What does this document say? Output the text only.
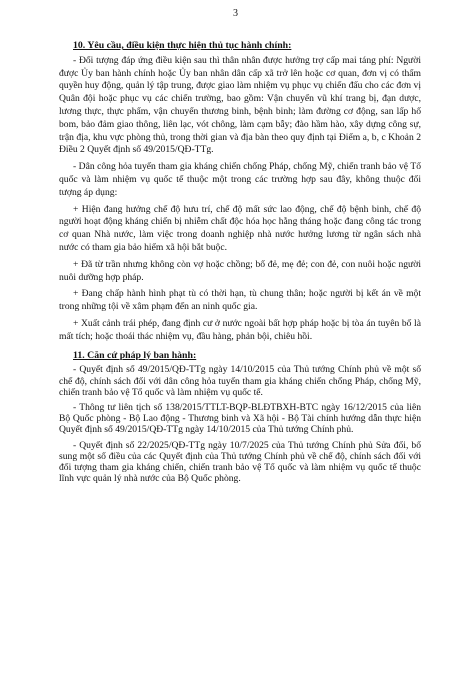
3
10. Yêu cầu, điều kiện thực hiện thủ tục hành chính:

- Đối tượng đáp ứng điều kiện sau thì thân nhân được hưởng trợ cấp mai táng phí: Người được Ủy ban hành chính hoặc Ủy ban nhân dân cấp xã trở lên hoặc cơ quan, đơn vị có thẩm quyền huy động, quản lý tập trung, được giao làm nhiệm vụ phục vụ chiến đấu cho các đơn vị Quân đội hoặc phục vụ các chiến trường, bao gồm: Vận chuyển vũ khí trang bị, đạn dược, lương thực, thực phẩm, vận chuyển thương binh, bệnh binh; làm đường cơ động, san lấp hố bom, bảo đảm giao thông, liên lạc, vót chông, làm cạm bẫy; đào hầm hào, xây dựng công sự, trận địa, khu vực phòng thủ, trong thời gian và địa bàn theo quy định tại Điểm a, b, c Khoản 2 Điều 2 Quyết định số 49/2015/QĐ-TTg.

- Dân công hỏa tuyến tham gia kháng chiến chống Pháp, chống Mỹ, chiến tranh bảo vệ Tổ quốc và làm nhiệm vụ quốc tế thuộc một trong các trường hợp sau đây, không thuộc đối tượng áp dụng:

+ Hiện đang hưởng chế độ hưu trí, chế độ mất sức lao động, chế độ bệnh binh, chế độ người hoạt động kháng chiến bị nhiễm chất độc hóa học hằng tháng hoặc đang công tác trong cơ quan Nhà nước, làm việc trong doanh nghiệp nhà nước hưởng lương từ ngân sách nhà nước có tham gia bảo hiểm xã hội bắt buộc.

+ Đã từ trần nhưng không còn vợ hoặc chồng; bố đẻ, mẹ đẻ; con đẻ, con nuôi hoặc người nuôi dưỡng hợp pháp.

+ Đang chấp hành hình phạt tù có thời hạn, tù chung thân; hoặc người bị kết án về một trong những tội về xâm phạm đến an ninh quốc gia.

+ Xuất cảnh trái phép, đang định cư ở nước ngoài bất hợp pháp hoặc bị tòa án tuyên bố là mất tích; hoặc thoái thác nhiệm vụ, đầu hàng, phản bội, chiêu hồi.

11. Căn cứ pháp lý ban hành:

- Quyết định số 49/2015/QĐ-TTg ngày 14/10/2015 của Thủ tướng Chính phủ về một số chế độ, chính sách đối với dân công hỏa tuyến tham gia kháng chiến chống Pháp, chống Mỹ, chiến tranh bảo vệ Tổ quốc và làm nhiệm vụ quốc tế.

- Thông tư liên tịch số 138/2015/TTLT-BQP-BLĐTBXH-BTC ngày 16/12/2015 của liên Bộ Quốc phòng - Bộ Lao động - Thương binh và Xã hội - Bộ Tài chính hướng dẫn thực hiện Quyết định số 49/2015/QĐ-TTg ngày 14/10/2015 của Thủ tướng Chính phủ.

- Quyết định số 22/2025/QĐ-TTg ngày 10/7/2025 của Thủ tướng Chính phủ Sửa đổi, bổ sung một số điều của các Quyết định của Thủ tướng Chính phủ về chế độ, chính sách đối với đối tượng tham gia kháng chiến, chiến tranh bảo vệ Tổ quốc và làm nhiệm vụ quốc tế thuộc lĩnh vực quản lý nhà nước của Bộ Quốc phòng.
